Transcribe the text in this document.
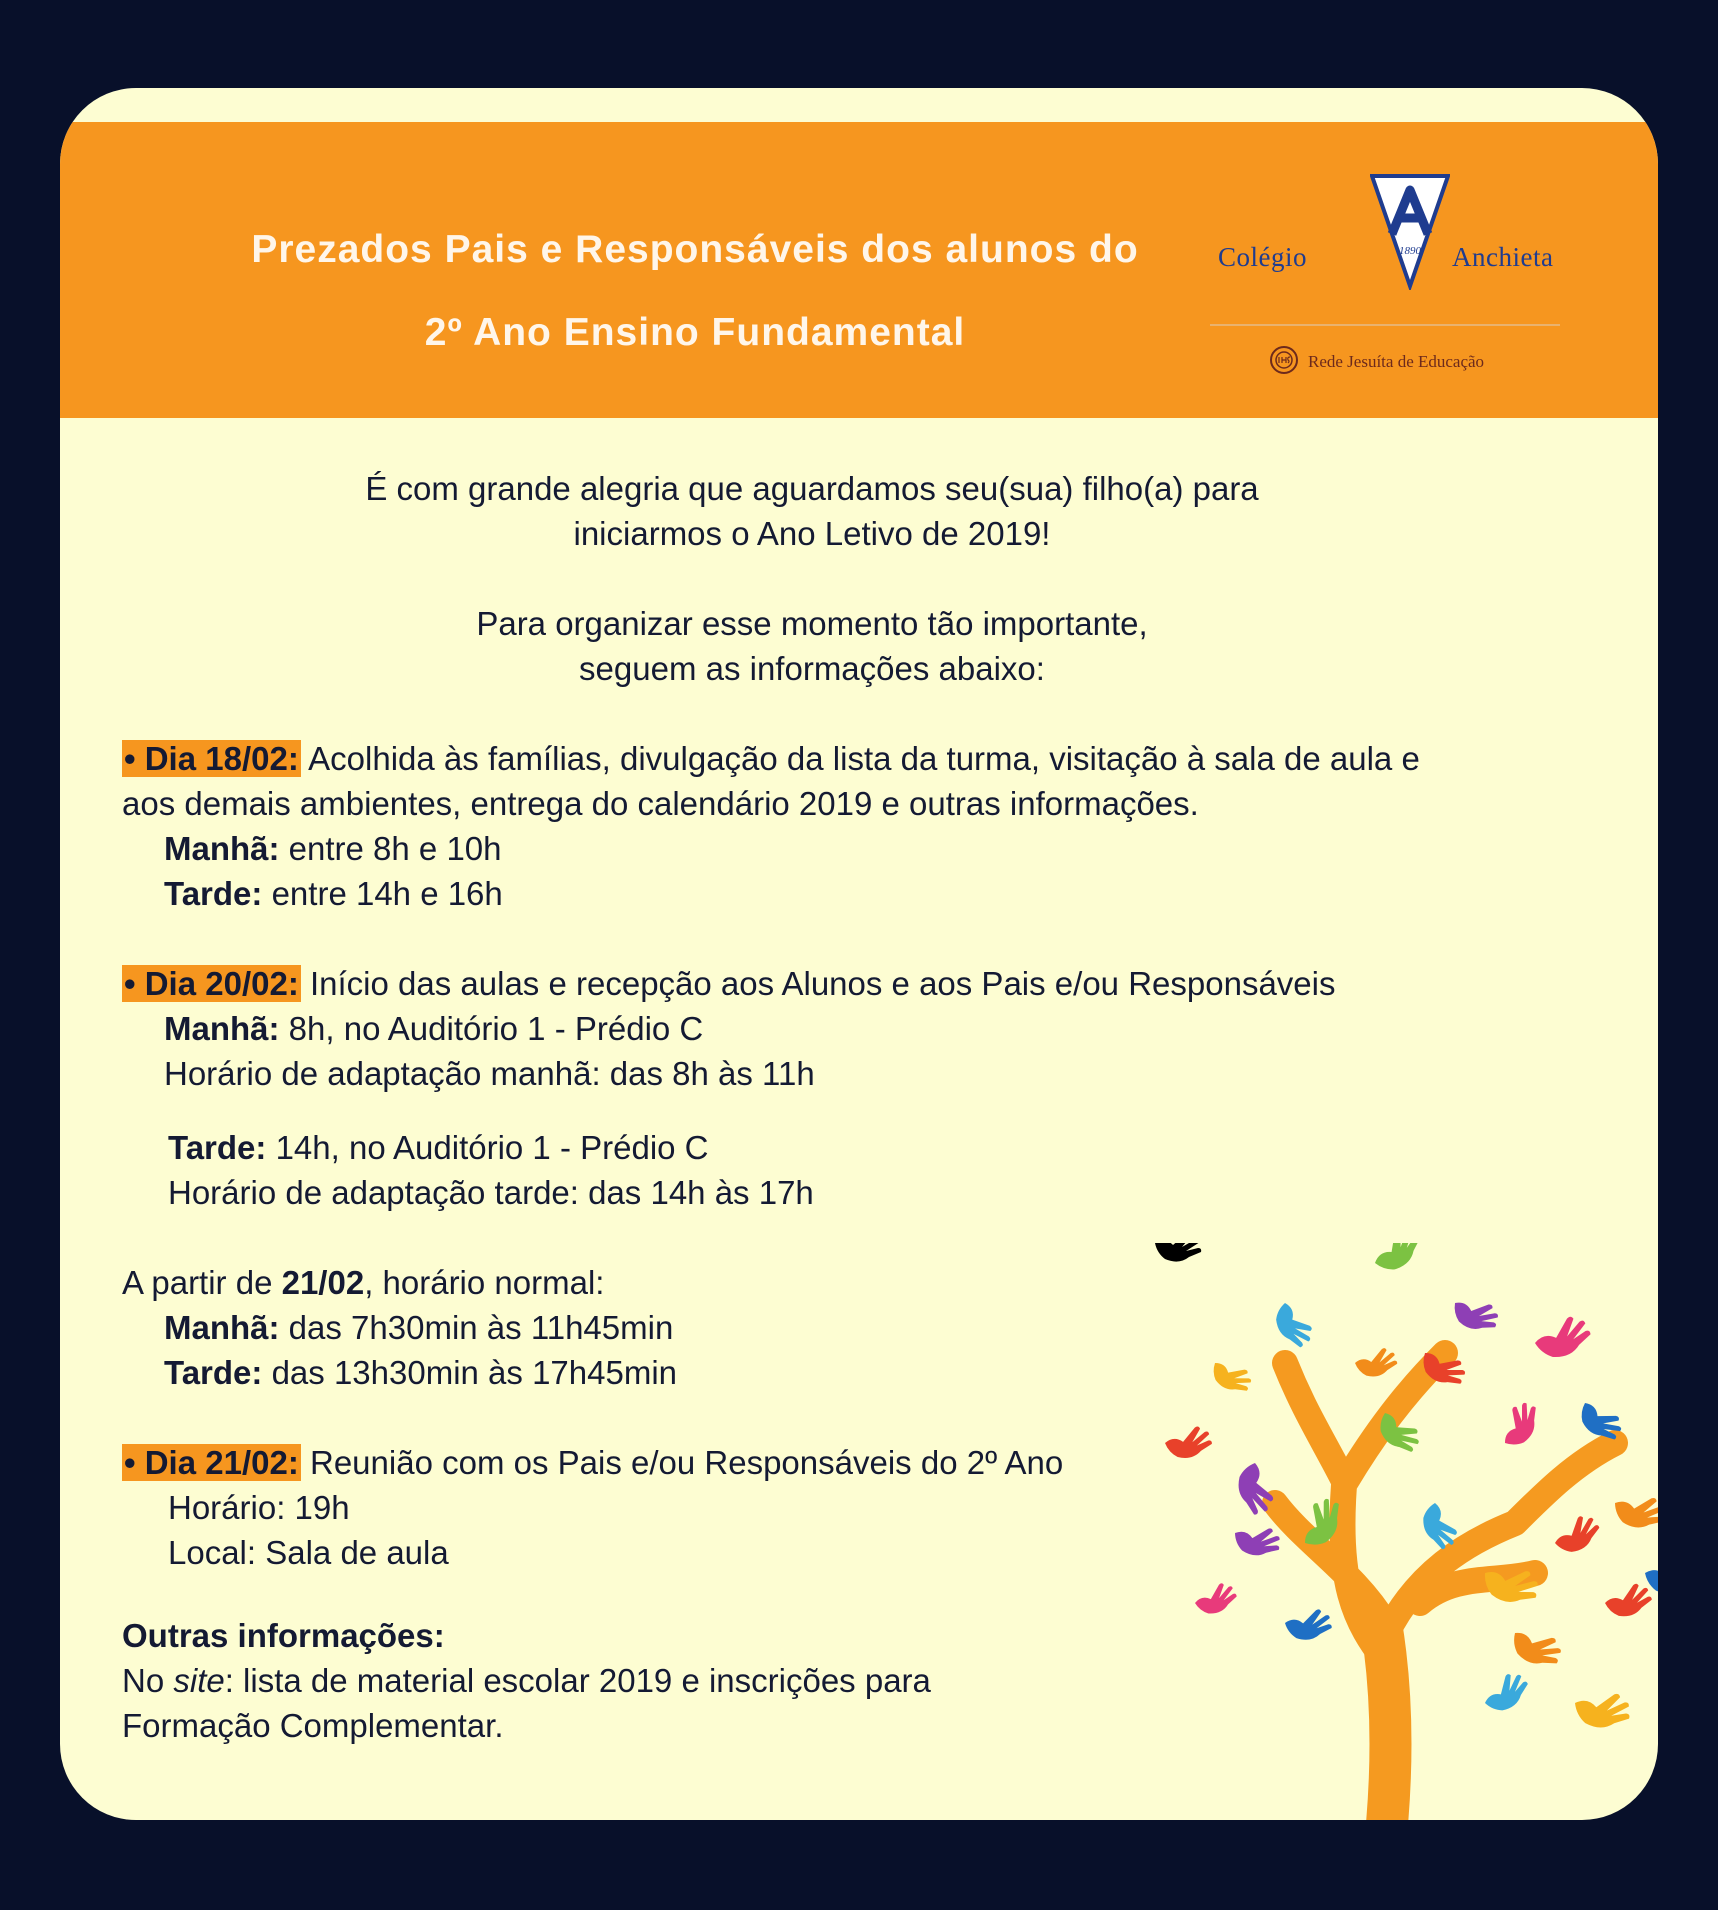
Prezados Pais e Responsáveis dos alunos do
2º Ano Ensino Fundamental
Colégio	1890 Anchieta
Rede Jesuíta de Educação
É com grande alegria que aguardamos seu(sua) filho(a) para
iniciarmos o Ano Letivo de 2019!
Para organizar esse momento tão importante,
seguem as informações abaixo:
• Dia 18/02: Acolhida às famílias, divulgação da lista da turma, visitação à sala de aula e
aos demais ambientes, entrega do calendário 2019 e outras informações.
Manhã: entre 8h e 10h
Tarde: entre 14h e 16h
• Dia 20/02: Início das aulas e recepção aos Alunos e aos Pais e/ou Responsáveis
Manhã: 8h, no Auditório 1 - Prédio C
Horário de adaptação manhã: das 8h às 11h
Tarde: 14h, no Auditório 1 - Prédio C
Horário de adaptação tarde: das 14h às 17h
A partir de 21/02, horário normal:
Manhã: das 7h30min às 11h45min
Tarde: das 13h30min às 17h45min
• Dia 21/02: Reunião com os Pais e/ou Responsáveis do 2º Ano
Horário: 19h
Local: Sala de aula
Outras informações:
No site: lista de material escolar 2019 e inscrições para
Formação Complementar.
